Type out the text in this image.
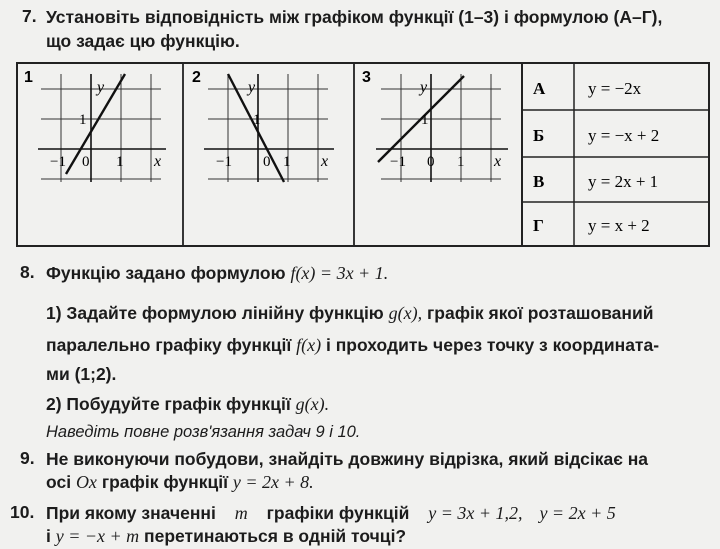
7. Установіть відповідність між графіком функції (1–3) і формулою (А–Г),
що задає цю функцію.
1
y
x
1
−1 0 1
2
y
x
1
−1 0 1
3
y
x
1
−1 0 1
А	y = −2x
Б	y = −x + 2
В	y = 2x + 1
Г	y = x + 2
8. Функцію задано формулою f(x) = 3x + 1.
1) Задайте формулою лінійну функцію g(x), графік якої розташований
паралельно графіку функції f(x) і проходить через точку з координата-
ми (1;2).
2) Побудуйте графік функції g(x).
Наведіть повне розв'язання задач 9 і 10.
9. Не виконуючи побудови, знайдіть довжину відрізка, який відсікає на
осі Ox графік функції y = 2x + 8.
10. При якому значенні m графіки функцій y = 3x + 1,2, y = 2x + 5
і y = −x + m перетинаються в одній точці?
